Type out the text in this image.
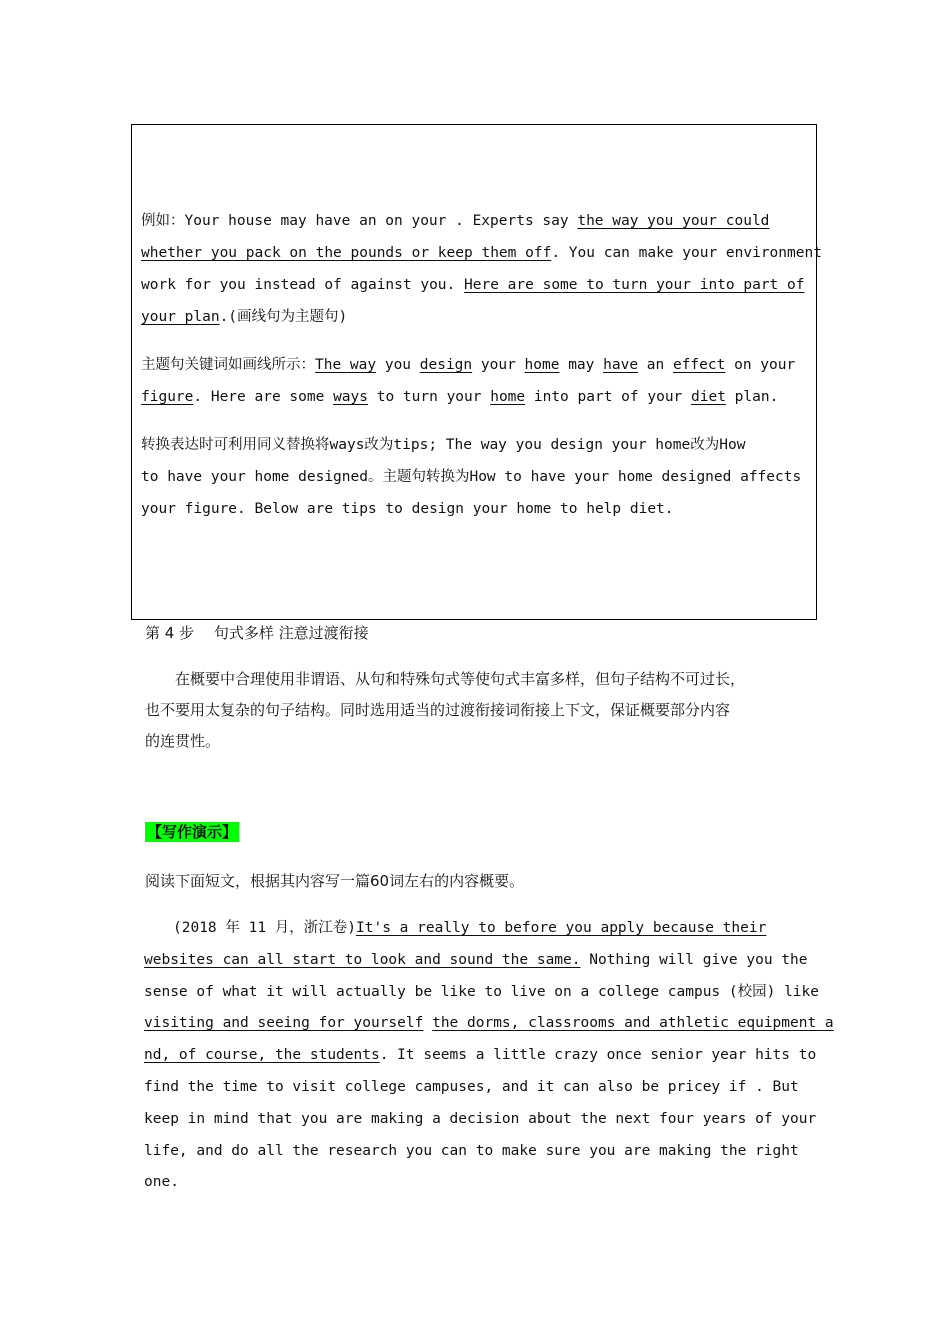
例如：Your house may have an on your . Experts say the way you your could
whether you pack on the pounds or keep them off. You can make your environment
work for you instead of against you. Here are some to turn your into part of
your plan.(画线句为主题句)
主题句关键词如画线所示：The way you design your home may have an effect on your
figure. Here are some ways to turn your home into part of your diet plan.
转换表达时可利用同义替换将ways改为tips; The way you design your home改为How
to have your home designed。主题句转换为How to have your home designed affects
your figure. Below are tips to design your home to help diet.
第 4 步　 句式多样 注意过渡衔接
　　在概要中合理使用非谓语、从句和特殊句式等使句式丰富多样，但句子结构不可过长，
也不要用太复杂的句子结构。同时选用适当的过渡衔接词衔接上下文，保证概要部分内容
的连贯性。
【写作演示】
阅读下面短文，根据其内容写一篇60词左右的内容概要。
　　(2018 年 11 月，浙江卷)It's a really to before you apply because their
websites can all start to look and sound the same. Nothing will give you the
sense of what it will actually be like to live on a college campus (校园) like
visiting and seeing for yourself the dorms, classrooms and athletic equipment a
nd, of course, the students. It seems a little crazy once senior year hits to
find the time to visit college campuses, and it can also be pricey if . But
keep in mind that you are making a decision about the next four years of your
life, and do all the research you can to make sure you are making the right
one.
